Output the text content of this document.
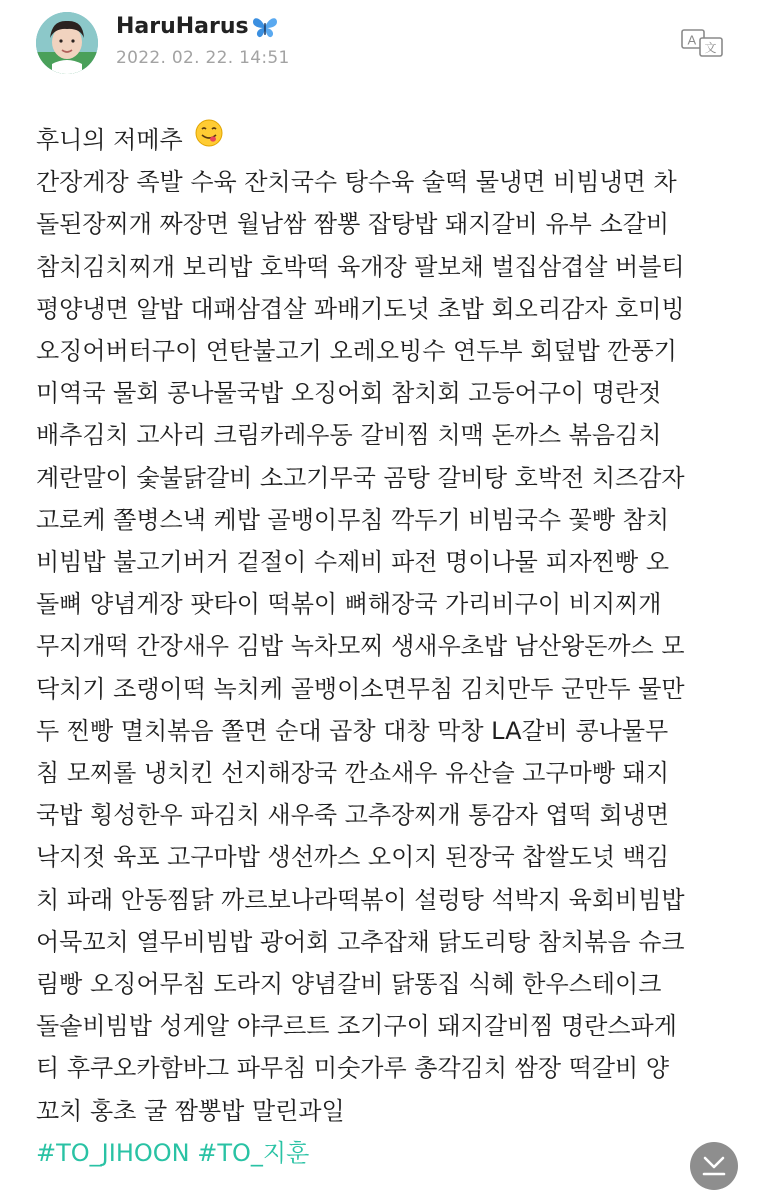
HaruHarus
2022. 02. 22. 14:51
A
文
후니의 저메추
간장게장 족발 수육 잔치국수 탕수육 술떡 물냉면 비빔냉면 차
돌된장찌개 짜장면 월남쌈 짬뽕 잡탕밥 돼지갈비 유부 소갈비
참치김치찌개 보리밥 호박떡 육개장 팔보채 벌집삼겹살 버블티
평양냉면 알밥 대패삼겹살 꽈배기도넛 초밥 회오리감자 호미빙
오징어버터구이 연탄불고기 오레오빙수 연두부 회덮밥 깐풍기
미역국 물회 콩나물국밥 오징어회 참치회 고등어구이 명란젓
배추김치 고사리 크림카레우동 갈비찜 치맥 돈까스 볶음김치
계란말이 숯불닭갈비 소고기무국 곰탕 갈비탕 호박전 치즈감자
고로케 쫄병스낵 케밥 골뱅이무침 깍두기 비빔국수 꽃빵 참치
비빔밥 불고기버거 겉절이 수제비 파전 명이나물 피자찐빵 오
돌뼈 양념게장 팟타이 떡볶이 뼈해장국 가리비구이 비지찌개
무지개떡 간장새우 김밥 녹차모찌 생새우초밥 남산왕돈까스 모
닥치기 조랭이떡 녹치케 골뱅이소면무침 김치만두 군만두 물만
두 찐빵 멸치볶음 쫄면 순대 곱창 대창 막창 LA갈비 콩나물무
침 모찌롤 냉치킨 선지해장국 깐쇼새우 유산슬 고구마빵 돼지
국밥 횡성한우 파김치 새우죽 고추장찌개 통감자 엽떡 회냉면
낙지젓 육포 고구마밥 생선까스 오이지 된장국 찹쌀도넛 백김
치 파래 안동찜닭 까르보나라떡볶이 설렁탕 석박지 육회비빔밥
어묵꼬치 열무비빔밥 광어회 고추잡채 닭도리탕 참치볶음 슈크
림빵 오징어무침 도라지 양념갈비 닭똥집 식혜 한우스테이크
돌솥비빔밥 성게알 야쿠르트 조기구이 돼지갈비찜 명란스파게
티 후쿠오카함바그 파무침 미숫가루 총각김치 쌈장 떡갈비 양
꼬치 홍초 굴 짬뽕밥 말린과일
#TO_JIHOON #TO_지훈
